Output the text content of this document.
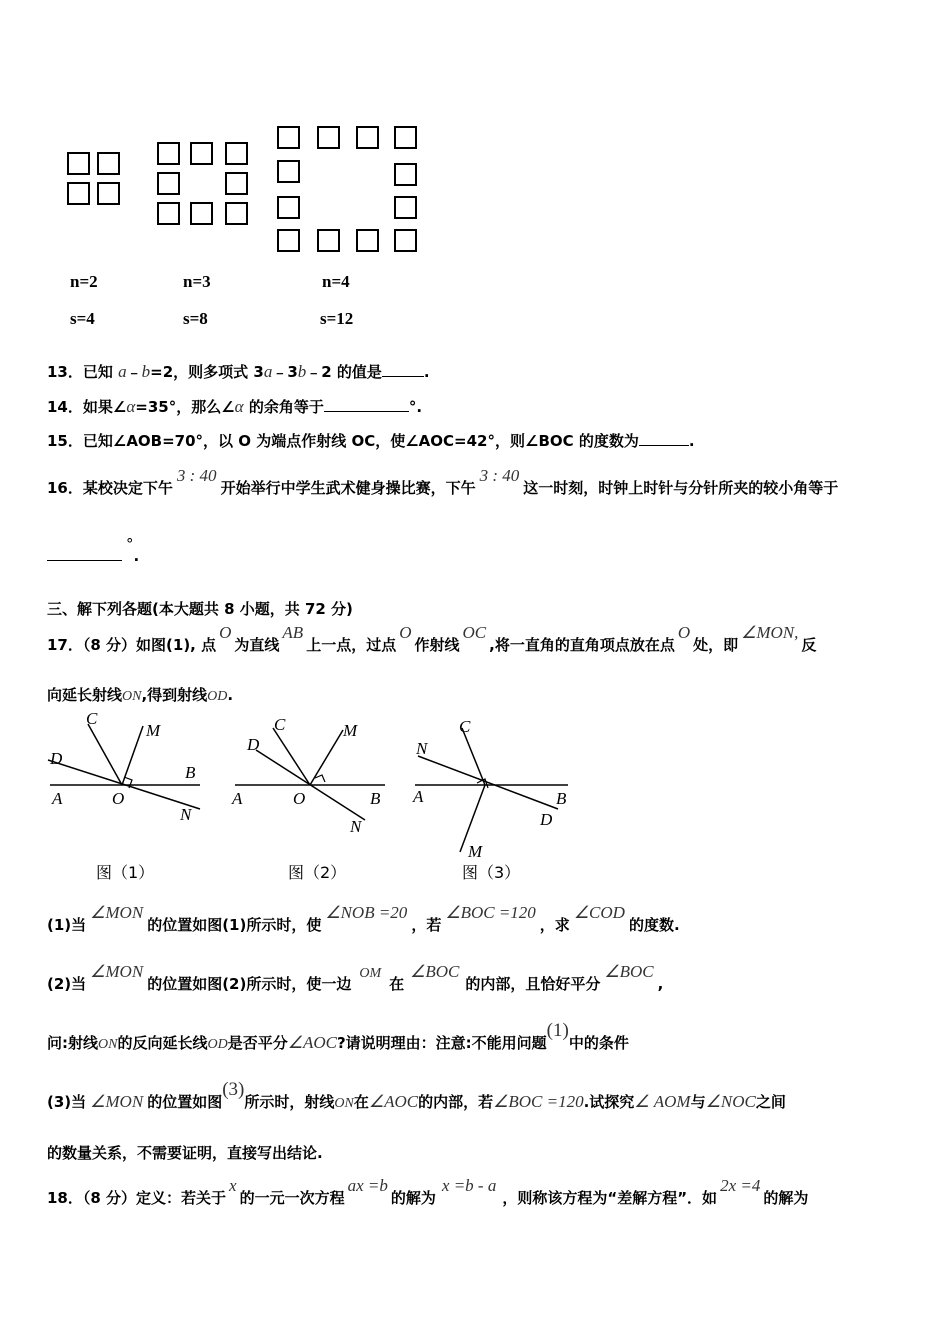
n=2	n=3	n=4
s=4	s=8	s=12
13．已知 a﹣b=2，则多项式 3a﹣3b﹣2 的值是	.
14．如果∠α=35°，那么∠α 的余角等于	°.
15．已知∠AOB=70°，以 O 为端点作射线 OC，使∠AOC=42°，则∠BOC 的度数为	.
16．某校决定下午3 : 40开始举行中学生武术健身操比赛，下午3 : 40这一时刻，时钟上时针与分针所夹的较小角等于
°.
三、解下列各题(本大题共 8 小题，共 72 分)
17．（8 分）如图(1), 点O为直线AB上一点，过点O作射线OC,将一直角的直角项点放在点O处，即∠MON,反
向延长射线ON,得到射线OD.
D
C
M
A	O
B
N
图（1）
D
C	M
A	O	B
N
图（2）
N
C
A	B
D
M
图（3）
(1)当∠MON的位置如图(1)所示时，使∠NOB =20，若∠BOC =120，求∠COD的度数.
(2)当∠MON的位置如图(2)所示时，使一边OM在∠BOC的内部，且恰好平分∠BOC,
问:射线ON的反向延长线OD是否平分∠AOC?请说明理由：注意:不能用问题(1)中的条件
(3)当 ∠MON 的位置如图(3)所示时，射线ON在∠AOC的内部，若∠BOC =120.试探究∠ AOM与∠NOC之间
的数量关系，不需要证明，直接写出结论.
18．（8 分）定义：若关于x的一元一次方程ax =b的解为x =b - a，则称该方程为“差解方程”．如2x =4的解为
